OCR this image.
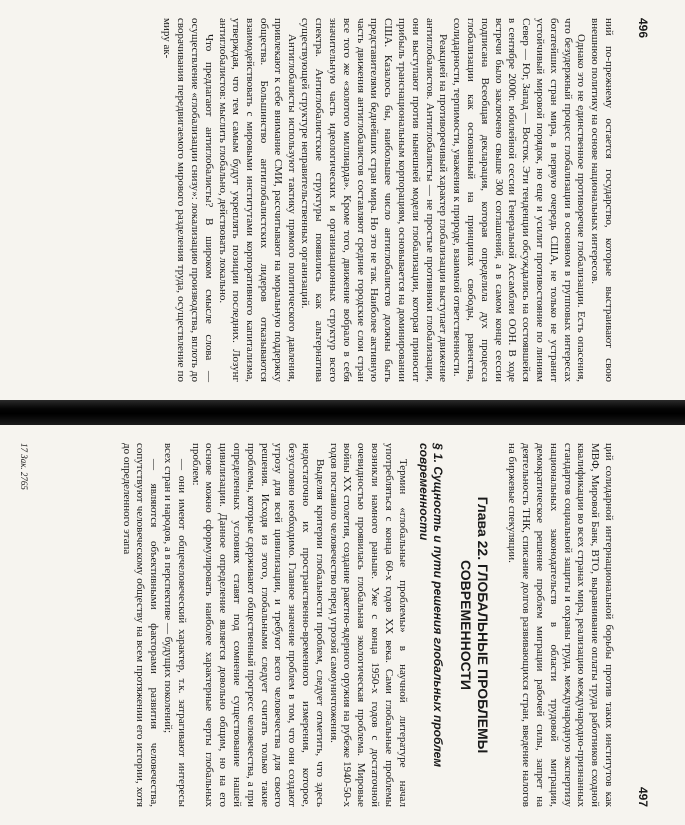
496

ний по-прежнему остается государство, которые выстраивают свою внешнюю политику на основе национальных интересов.

Однако это не единственное противоречие глобализации. Есть опасения, что безудержный процесс глобализации в основном в групповых интересах богатейших стран мира, в первую очередь США, не только не устранит устойчивый мировой порядок, но еще и усилит противостояние по линиям Север — Юг, Запад — Восток. Эти тенденции обсуждались на состоявшейся в сентябре 2000г. юбилейной сессии Генеральной Ассамблеи ООН. В ходе встречи было заключено свыше 300 соглашений, а в самом конце сессии подписана Всеобщая декларация, которая определила дух процесса глобализации как основанный на принципах свободы, равенства, солидарности, терпимости, уважения к природе, взаимной ответственности.

Реакцией на противоречивый характер глобализации выступает движение антиглобалистов. Антиглобалисты — не простые противники глобализации, они выступают против нынешней модели глобализации, которая приносит прибыль транснациональным корпорациям, основывается на доминировании США. Казалось бы, наибольшее число антиглобалистов должны быть представителями беднейших стран мира. Но это не так. Наиболее активную часть движения антиглобалистов составляют средние городские слои стран все того же «золотого миллиарда». Кроме того, движение вобрало в себя значительную часть идеологических и организационных структур всего спектра. Антиглобалистские структуры появились как альтернатива существующей структуре неправительственных организаций.

Антиглобалисты используют тактику прямого политического давления, привлекают к себе внимание СМИ, рассчитывают на моральную поддержку общества. Большинство антиглобалистских лидеров отказываются взаимодействовать с мировыми институтами корпоративного капитализма, утверждая, что тем самым будут укреплять позиции последних. Лозунг антиглобалистов: мыслить глобально, действовать локально.

Что предлагают антиглобалисты? В широком смысле слова — осуществление «глобализации снизу»: локализацию производства, вплоть до сворачивания передвигаемого мирового разделения труда, осуществление по миру ак-

497

ций солидарной интернациональной борьбы против таких институтов как МВФ, Мировой Банк, ВТО, выравнивание оплаты труда работников сходной квалификации во всех странах мира, реализацию международно-признанных стандартов социальной защиты и охраны труда, международную экспертизу национальных законодательств в области трудовой миграции, демократическое решение проблем миграции рабочей силы, запрет на деятельность ТНК, списание долгов развивающихся стран, введение налогов на биржевые спекуляции.

Глава 22. ГЛОБАЛЬНЫЕ ПРОБЛЕМЫ СОВРЕМЕННОСТИ
§ 1. Сущность и пути решения глобальных проблем современности

Термин «глобальные проблемы» в научной литературе начал употребляться с конца 60-х годов XX века. Сами глобальные проблемы возникли намного раньше. Уже с конца 1950-х годов с достаточной очевидностью проявилась глобальная экологическая проблема. Мировые войны XX столетия, создание ракетно-ядерного оружия на рубеже 1940-50-х годов поставило человечество перед угрозой самоуничтожения.

Выделяя критерии глобальности проблем, следует отметить, что здесь недостаточно их пространственно-временного измерения, которое, безусловно необходимо. Главное значение проблем в том, что они создают угрозу для всей цивилизации, и требуют всего человечества для своего решения. Исходя из этого, глобальными следует считать только такие проблемы, которые сдерживают общественный прогресс человечества, а при определенных условиях ставят под сомнение существование нашей цивилизации. Данное определение является довольно общим, но на его основе можно сформулировать наиболее характерные черты глобальных проблем:

— они имеют общечеловеческий характер, т.к. затрагивают интересы всех стран и народов, а в перспективе — будущих поколений;

— являются объективными факторами развития человечества, сопутствуют человеческому обществу на всем протяжении его истории, хотя до определенного этапа

17 Зак. 2765
